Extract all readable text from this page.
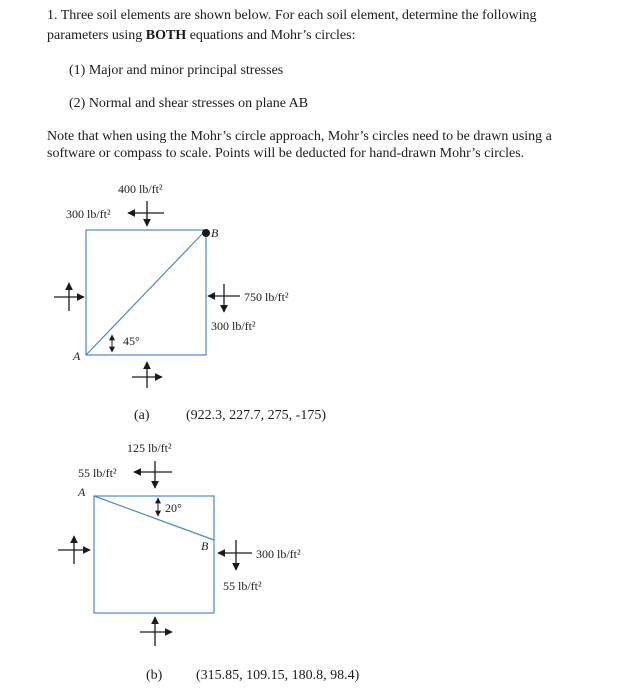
1. Three soil elements are shown below. For each soil element, determine the following
parameters using BOTH equations and Mohr’s circles:
(1) Major and minor principal stresses
(2) Normal and shear stresses on plane AB
Note that when using the Mohr’s circle approach, Mohr’s circles need to be drawn using a
software or compass to scale. Points will be deducted for hand-drawn Mohr’s circles.
400 lb/ft²
300 lb/ft²
B
750 lb/ft²
300 lb/ft²
45°
A
(a)	(922.3, 227.7, 275, -175)
125 lb/ft²
55 lb/ft²
A
20°
B
300 lb/ft²
55 lb/ft²
(b) (315.85, 109.15, 180.8, 98.4)
